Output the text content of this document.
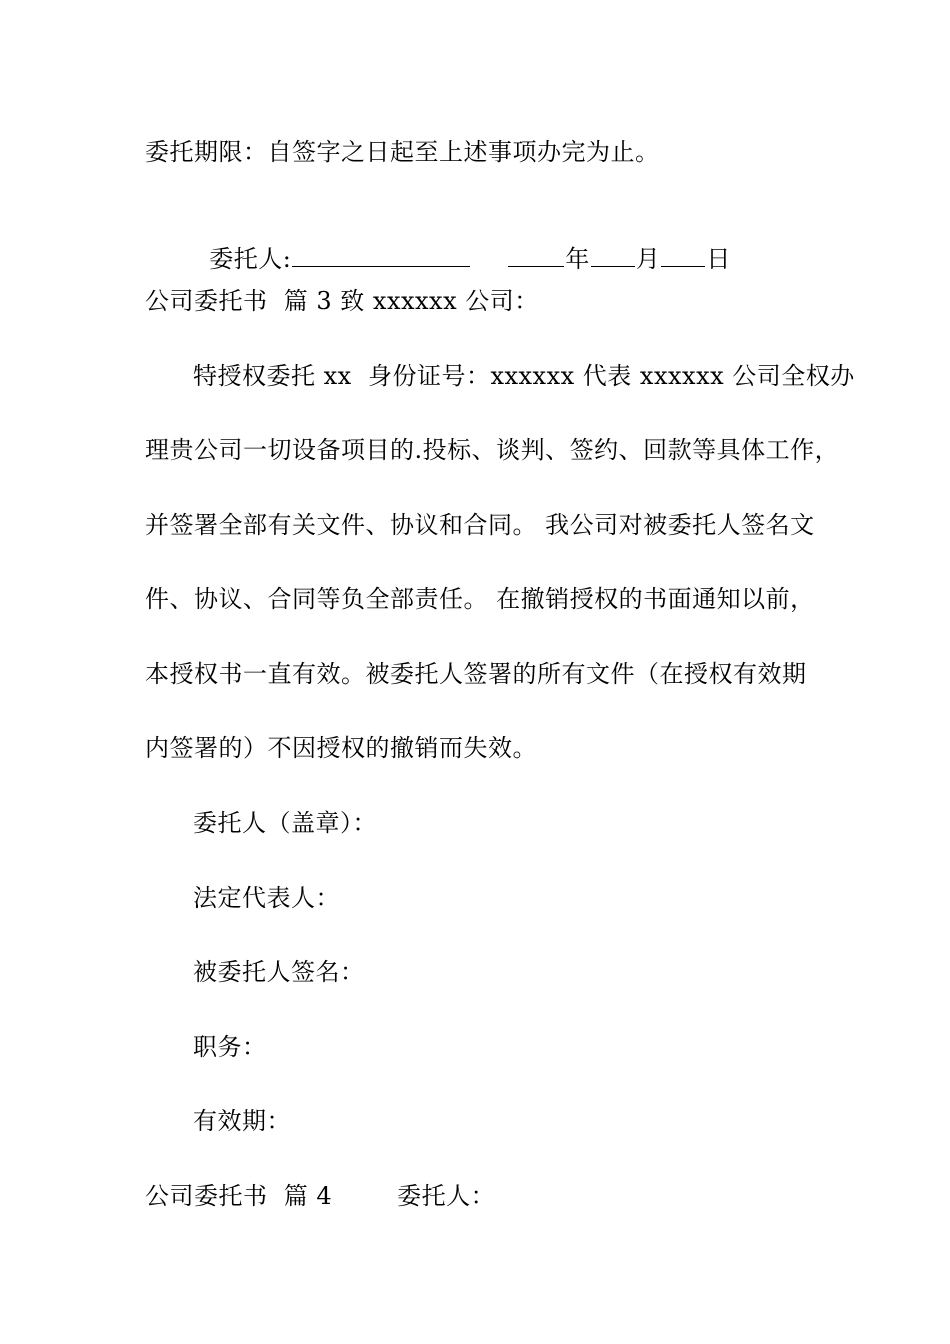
委托期限：自签字之日起至上述事项办完为止。

委托人:	年 月 日

公司委托书  篇 3 致 xxxxxx 公司：
特授权委托 xx  身份证号：xxxxxx 代表 xxxxxx 公司全权办
理贵公司一切设备项目的.投标、谈判、签约、回款等具体工作，
并签署全部有关文件、协议和合同。 我公司对被委托人签名文
件、协议、合同等负全部责任。 在撤销授权的书面通知以前，
本授权书一直有效。被委托人签署的所有文件（在授权有效期
内签署的）不因授权的撤销而失效。
委托人（盖章）：
法定代表人：
被委托人签名：
职务：
有效期：
公司委托书  篇 4        委托人：
